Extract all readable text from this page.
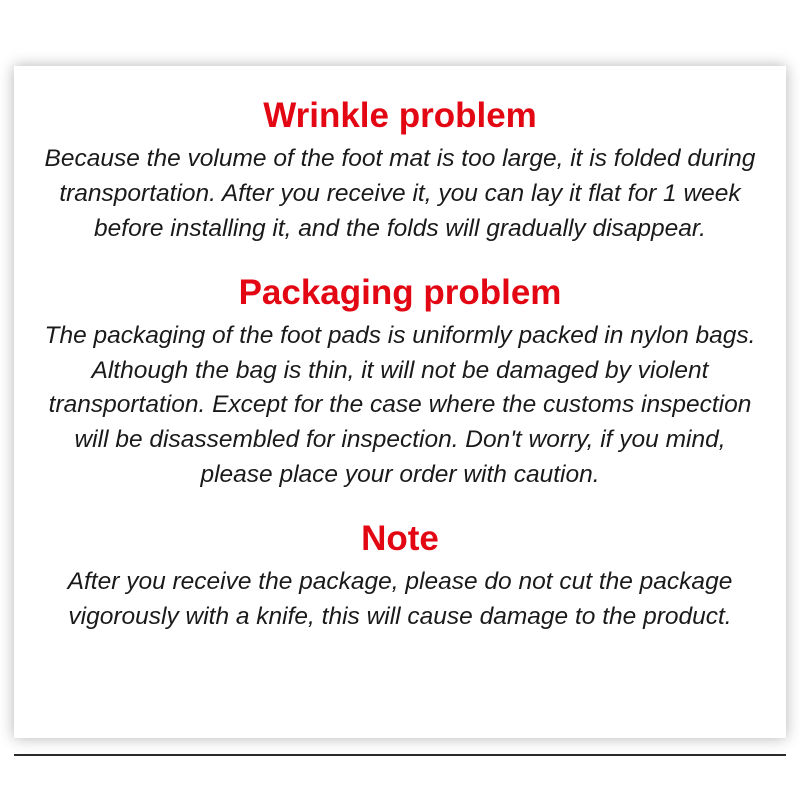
Wrinkle problem

Because the volume of the foot mat is too large, it is folded during transportation. After you receive it, you can lay it flat for 1 week before installing it, and the folds will gradually disappear.

Packaging problem

The packaging of the foot pads is uniformly packed in nylon bags. Although the bag is thin, it will not be damaged by violent transportation. Except for the case where the customs inspection will be disassembled for inspection. Don't worry, if you mind, please place your order with caution.

Note

After you receive the package, please do not cut the package vigorously with a knife, this will cause damage to the product.
